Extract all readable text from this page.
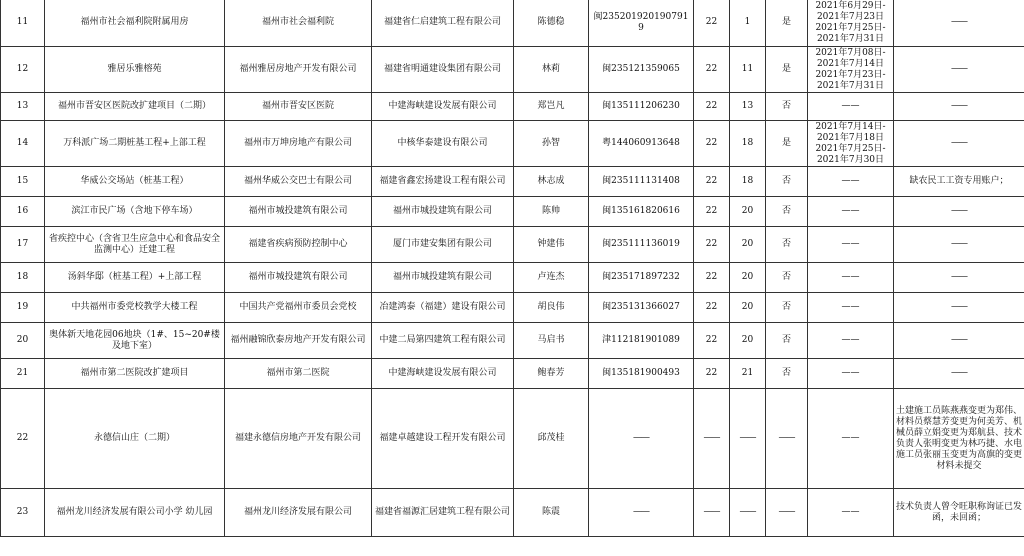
11	福州市社会福利院附属用房	福州市社会福利院	福建省仁启建筑工程有限公司	陈德稳	闽2352019201907919	22	1	是	2021年6月29日-
2021年7月23日
2021年7月25日-
2021年7月31日	——
12	雅居乐雅榕苑	福州雅居房地产开发有限公司	福建省明通建设集团有限公司	林莉	闽235121359065	22	11	是	2021年7月08日-
2021年7月14日
2021年7月23日-
2021年7月31日	——
13	福州市晋安区医院改扩建项目（二期）	福州市晋安区医院	中建海峡建设发展有限公司	郑岂凡	闽135111206230	22	13	否	——	——
14	万科派广场二期桩基工程+上部工程	福州市万坤房地产有限公司	中核华泰建设有限公司	孙智	粤144060913648	22	18	是	2021年7月14日-
2021年7月18日
2021年7月25日-
2021年7月30日	——
15	华威公交场站（桩基工程）	福州华威公交巴士有限公司	福建省鑫宏扬建设工程有限公司	林志成	闽235111131408	22	18	否	——	缺农民工工资专用账户；
16	滨江市民广场（含地下停车场）	福州市城投建筑有限公司	福州市城投建筑有限公司	陈帅	闽135161820616	22	20	否	——	——
17	省疾控中心（含省卫生应急中心和食品安全监测中心）迁建工程	福建省疾病预防控制中心	厦门市建安集团有限公司	钟建伟	闽235111136019	22	20	否	——	——
18	汤斜华邸（桩基工程）+上部工程	福州市城投建筑有限公司	福州市城投建筑有限公司	卢连杰	闽235171897232	22	20	否	——	——
19	中共福州市委党校教学大楼工程	中国共产党福州市委员会党校	冶建鸿泰（福建）建设有限公司	胡良伟	闽235131366027	22	20	否	——	——
20	奥体新天地花园06地块（1#、15~20#楼及地下室）	福州融锦欣泰房地产开发有限公司	中建二局第四建筑工程有限公司	马启书	津112181901089	22	20	否	——	——
21	福州市第二医院改扩建项目	福州市第二医院	中建海峡建设发展有限公司	鲍春芳	闽135181900493	22	21	否	——	——
22	永德信山庄（二期）	福建永德信房地产开发有限公司	福建卓越建设工程开发有限公司	邱茂桂	——	——	——	——	——	土建施工员陈燕燕变更为郑伟、材料员蔡慧芳变更为何美芳、机械员薛立娟变更为郑航县、技术负责人张明变更为林巧捷、水电施工员张丽玉变更为高旗的变更材料未提交
23	福州龙川经济发展有限公司小学 幼儿园	福州龙川经济发展有限公司	福建省福源汇居建筑工程有限公司	陈震	——	——	——	——	——	技术负责人曾令旺职称询证已发函，未回函；
